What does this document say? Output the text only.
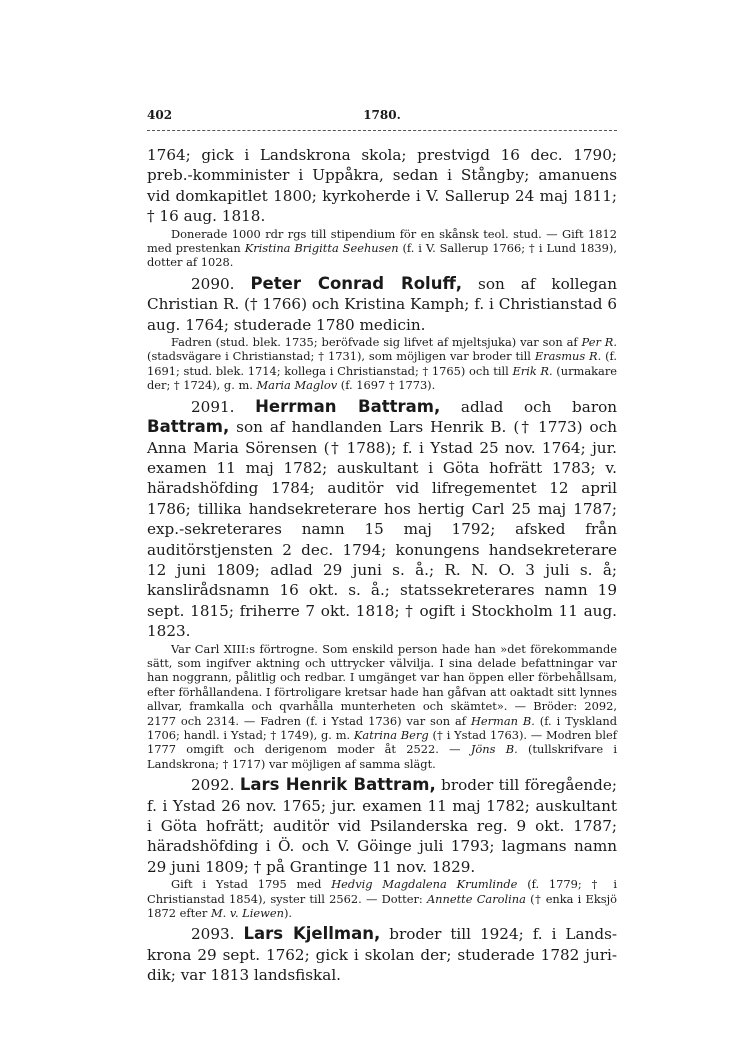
402	1780.

1764; gick i Landskrona skola; prestvigd 16 dec. 1790; preb.-komminister i Uppåkra, sedan i Stångby; amanuens vid domkapitlet 1800; kyrkoherde i V. Sallerup 24 maj 1811; † 16 aug. 1818.

Donerade 1000 rdr rgs till stipendium för en skånsk teol. stud. — Gift 1812 med prestenkan Kristina Brigitta Seehusen (f. i V. Sallerup 1766; † i Lund 1839), dotter af 1028.

2090. Peter Conrad Roluff, son af kollegan Christian R. († 1766) och Kristina Kamph; f. i Christianstad 6 aug. 1764; studerade 1780 medicin.

Fadren (stud. blek. 1735; beröfvade sig lifvet af mjeltsjuka) var son af Per R. (stadsvägare i Christianstad; † 1731), som möjligen var broder till Erasmus R. (f. 1691; stud. blek. 1714; kollega i Christianstad; † 1765) och till Erik R. (urmakare der; † 1724), g. m. Maria Maglov (f. 1697 † 1773).

2091. Herrman Battram, adlad och baron Battram, son af handlanden Lars Henrik B. († 1773) och Anna Maria Sörensen († 1788); f. i Ystad 25 nov. 1764; jur. examen 11 maj 1782; auskultant i Göta hofrätt 1783; v. häradshöfding 1784; auditör vid lifregementet 12 april 1786; tillika handsekreterare hos hertig Carl 25 maj 1787; exp.-sekreterares namn 15 maj 1792; afsked från auditörstjensten 2 dec. 1794; konungens handsekreterare 12 juni 1809; adlad 29 juni s. å.; R. N. O. 3 juli s. å; kanslirådsnamn 16 okt. s. å.; statssekreterares namn 19 sept. 1815; friherre 7 okt. 1818; † ogift i Stockholm 11 aug. 1823.

Var Carl XIII:s förtrogne. Som enskild person hade han »det förekommande sätt, som ingifver aktning och uttrycker välvilja. I sina delade befattningar var han noggrann, pålitlig och redbar. I umgänget var han öppen eller förbehållsam, efter förhållandena. I förtroligare kretsar hade han gåfvan att oaktadt sitt lynnes allvar, framkalla och qvarhålla munterheten och skämtet». — Bröder: 2092, 2177 och 2314. — Fadren (f. i Ystad 1736) var son af Herman B. (f. i Tyskland 1706; handl. i Ystad; † 1749), g. m. Katrina Berg († i Ystad 1763). — Modren blef 1777 omgift och derigenom moder åt 2522. — Jöns B. (tullskrifvare i Landskrona; † 1717) var möjligen af samma slägt.

2092. Lars Henrik Battram, broder till föregående; f. i Ystad 26 nov. 1765; jur. examen 11 maj 1782; auskultant i Göta hofrätt; auditör vid Psilanderska reg. 9 okt. 1787; häradshöfding i Ö. och V. Göinge juli 1793; lagmans namn 29 juni 1809; † på Grantinge 11 nov. 1829.

Gift i Ystad 1795 med Hedvig Magdalena Krumlinde (f. 1779; † i Christianstad 1854), syster till 2562. — Dotter: Annette Carolina († enka i Eksjö 1872 efter M. v. Liewen).

2093. Lars Kjellman, broder till 1924; f. i Landskrona 29 sept. 1762; gick i skolan der; studerade 1782 juridik; var 1813 landsfiskal.
